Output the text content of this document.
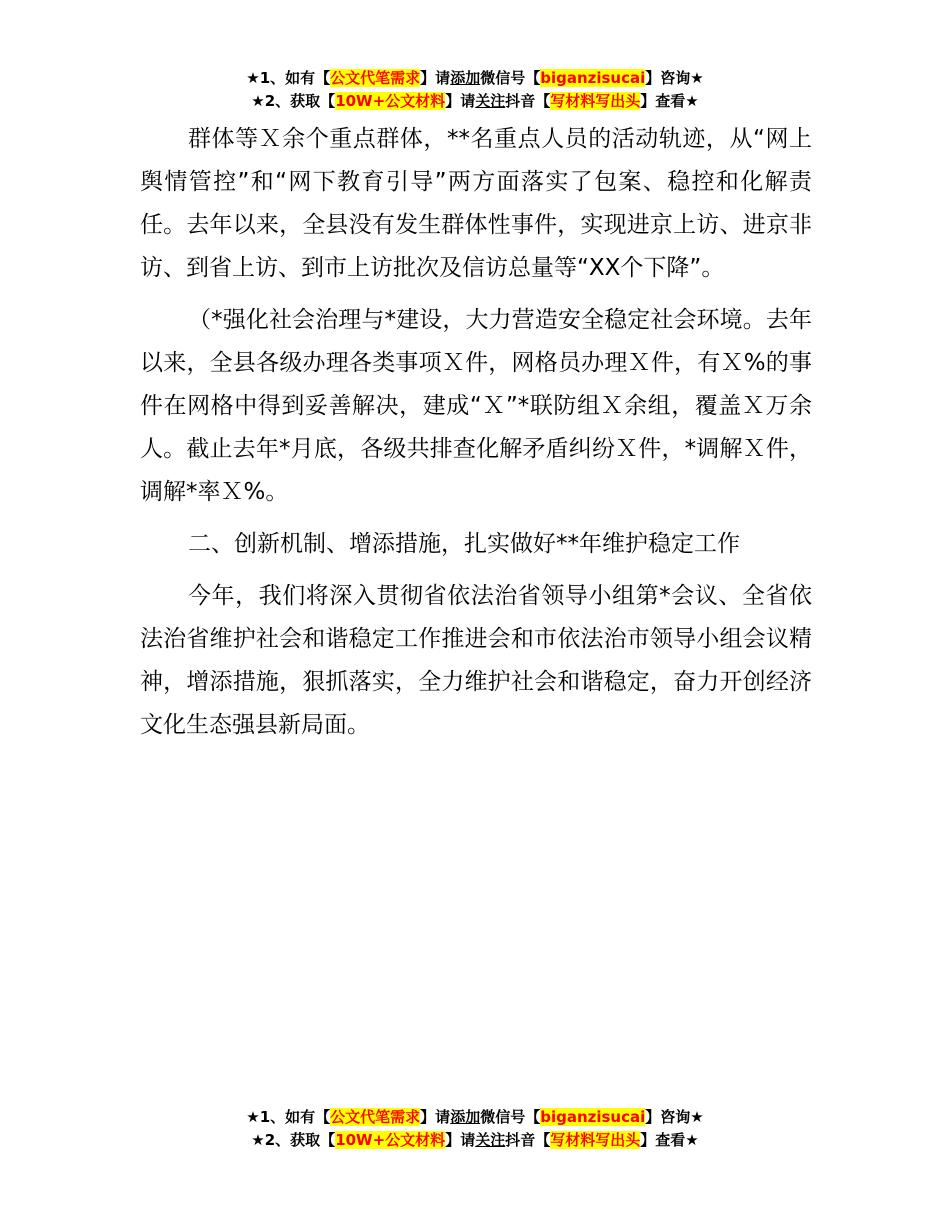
★1、如有【公文代笔需求】请添加微信号【biganzisucai】咨询★
★2、获取【10W+公文材料】请关注抖音【写材料写出头】查看★

群体等Ｘ余个重点群体，**名重点人员的活动轨迹，从“网上舆情管控”和“网下教育引导”两方面落实了包案、稳控和化解责任。去年以来，全县没有发生群体性事件，实现进京上访、进京非访、到省上访、到市上访批次及信访总量等“XX个下降”。

（*强化社会治理与*建设，大力营造安全稳定社会环境。去年以来，全县各级办理各类事项Ｘ件，网格员办理Ｘ件，有Ｘ%的事件在网格中得到妥善解决，建成“Ｘ”*联防组Ｘ余组，覆盖Ｘ万余人。截止去年*月底，各级共排查化解矛盾纠纷Ｘ件，*调解Ｘ件，调解*率Ｘ%。

二、创新机制、增添措施，扎实做好**年维护稳定工作

今年，我们将深入贯彻省依法治省领导小组第*会议、全省依法治省维护社会和谐稳定工作推进会和市依法治市领导小组会议精神，增添措施，狠抓落实，全力维护社会和谐稳定，奋力开创经济文化生态强县新局面。

★1、如有【公文代笔需求】请添加微信号【biganzisucai】咨询★
★2、获取【10W+公文材料】请关注抖音【写材料写出头】查看★
